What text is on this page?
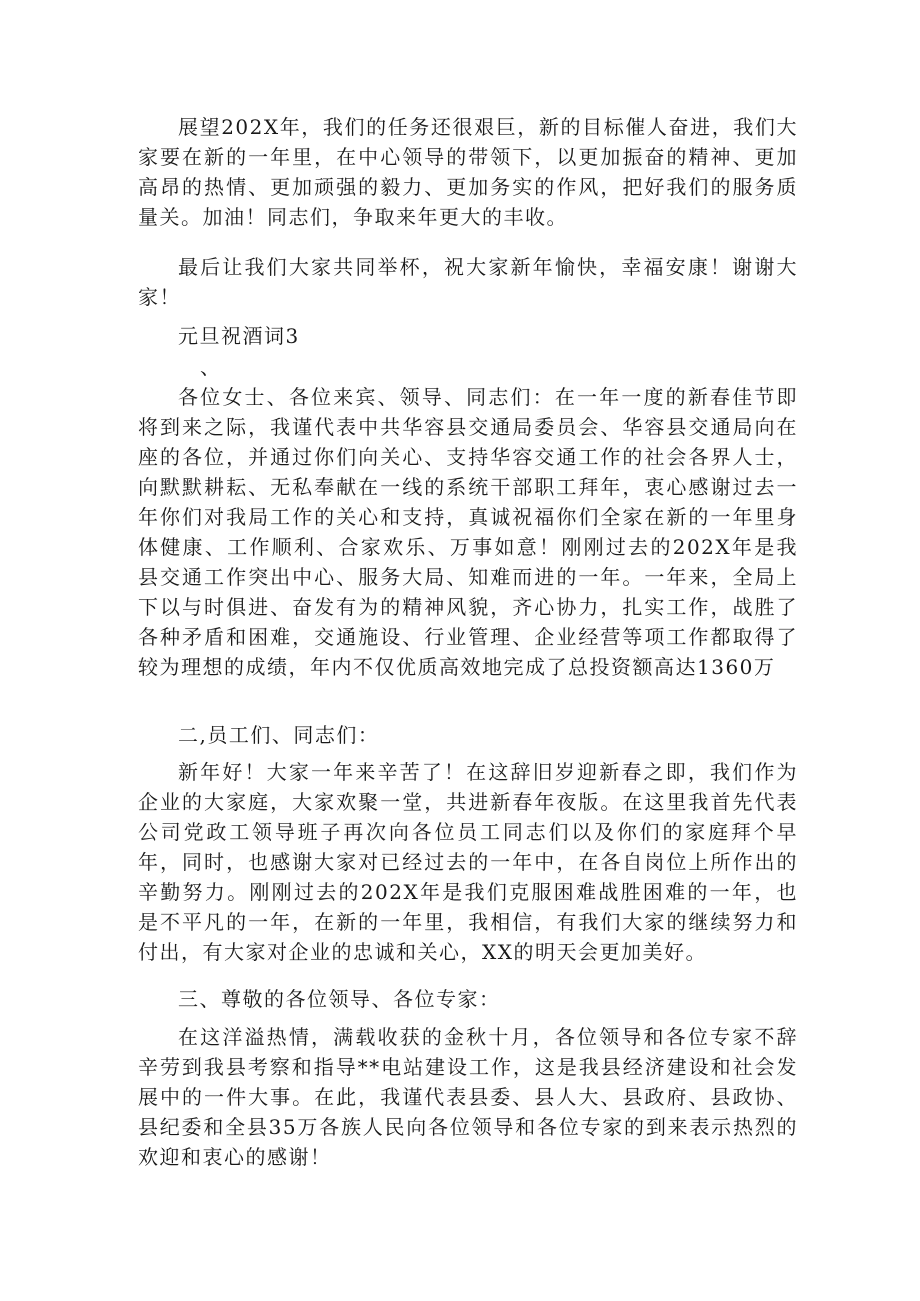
展望202X年，我们的任务还很艰巨，新的目标催人奋进，我们大家要在新的一年里，在中心领导的带领下，以更加振奋的精神、更加高昂的热情、更加顽强的毅力、更加务实的作风，把好我们的服务质量关。加油！同志们，争取来年更大的丰收。

最后让我们大家共同举杯，祝大家新年愉快，幸福安康！谢谢大家！

元旦祝酒词3

、

各位女士、各位来宾、领导、同志们：在一年一度的新春佳节即将到来之际，我谨代表中共华容县交通局委员会、华容县交通局向在座的各位，并通过你们向关心、支持华容交通工作的社会各界人士，向默默耕耘、无私奉献在一线的系统干部职工拜年，衷心感谢过去一年你们对我局工作的关心和支持，真诚祝福你们全家在新的一年里身体健康、工作顺利、合家欢乐、万事如意！刚刚过去的202X年是我县交通工作突出中心、服务大局、知难而进的一年。一年来，全局上下以与时俱进、奋发有为的精神风貌，齐心协力，扎实工作，战胜了各种矛盾和困难，交通施设、行业管理、企业经营等项工作都取得了较为理想的成绩，年内不仅优质高效地完成了总投资额高达1360万

二,员工们、同志们：

新年好！大家一年来辛苦了！在这辞旧岁迎新春之即，我们作为企业的大家庭，大家欢聚一堂，共进新春年夜版。在这里我首先代表公司党政工领导班子再次向各位员工同志们以及你们的家庭拜个早年，同时，也感谢大家对已经过去的一年中，在各自岗位上所作出的辛勤努力。刚刚过去的202X年是我们克服困难战胜困难的一年，也是不平凡的一年，在新的一年里，我相信，有我们大家的继续努力和付出，有大家对企业的忠诚和关心，XX的明天会更加美好。

三、尊敬的各位领导、各位专家：

在这洋溢热情，满载收获的金秋十月，各位领导和各位专家不辞辛劳到我县考察和指导**电站建设工作，这是我县经济建设和社会发展中的一件大事。在此，我谨代表县委、县人大、县政府、县政协、县纪委和全县35万各族人民向各位领导和各位专家的到来表示热烈的欢迎和衷心的感谢！
